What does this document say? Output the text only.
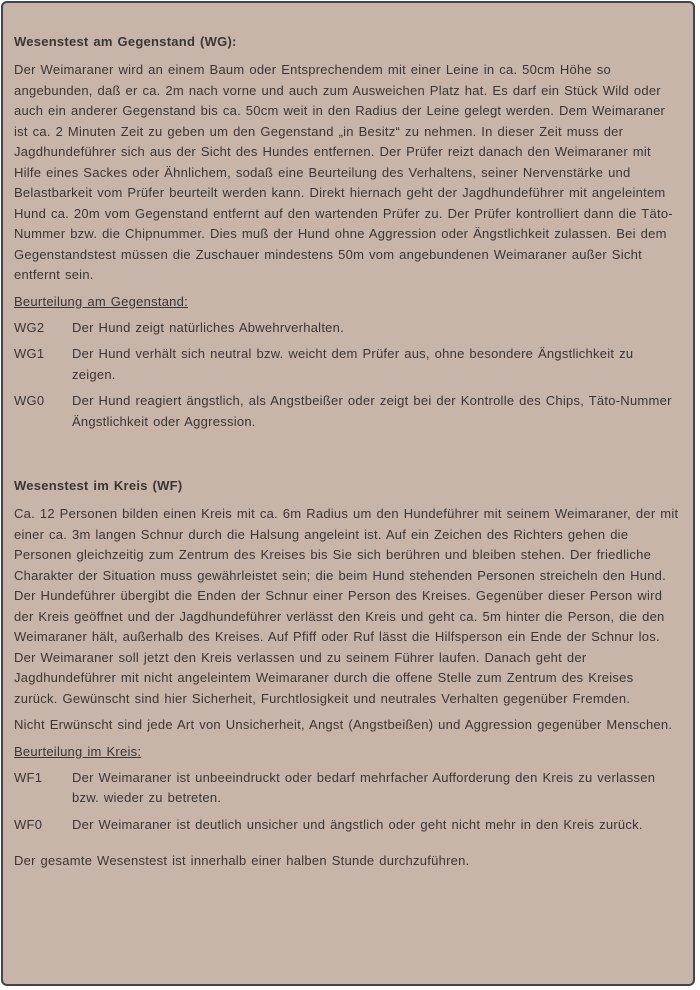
Wesenstest am Gegenstand (WG):
Der Weimaraner wird an einem Baum oder Entsprechendem mit einer Leine in ca. 50cm Höhe so angebunden, daß er ca. 2m nach vorne und auch zum Ausweichen Platz hat. Es darf ein Stück Wild oder auch ein anderer Gegenstand bis ca. 50cm weit in den Radius der Leine gelegt werden. Dem Weimaraner ist ca. 2 Minuten Zeit zu geben um den Gegenstand „in Besitz“ zu nehmen. In dieser Zeit muss der Jagdhundeführer sich aus der Sicht des Hundes entfernen. Der Prüfer reizt danach den Weimaraner mit Hilfe eines Sackes oder Ähnlichem, sodaß eine Beurteilung des Verhaltens, seiner Nervenstärke und Belastbarkeit vom Prüfer beurteilt werden kann. Direkt hiernach geht der Jagdhundeführer mit angeleintem Hund ca. 20m vom Gegenstand entfernt auf den wartenden Prüfer zu. Der Prüfer kontrolliert dann die Täto-Nummer bzw. die Chipnummer. Dies muß der Hund ohne Aggression oder Ängstlichkeit zulassen. Bei dem Gegenstandstest müssen die Zuschauer mindestens 50m vom angebundenen Weimaraner außer Sicht entfernt sein.
Beurteilung am Gegenstand:
WG2	Der Hund zeigt natürliches Abwehrverhalten.
WG1	Der Hund verhält sich neutral bzw. weicht dem Prüfer aus, ohne besondere Ängstlichkeit zu zeigen.
WG0	Der Hund reagiert ängstlich, als Angstbeißer oder zeigt bei der Kontrolle des Chips, Täto-Nummer Ängstlichkeit oder Aggression.
Wesenstest im Kreis (WF)
Ca. 12 Personen bilden einen Kreis mit ca. 6m Radius um den Hundeführer mit seinem Weimaraner, der mit einer ca. 3m langen Schnur durch die Halsung angeleint ist. Auf ein Zeichen des Richters gehen die Personen gleichzeitig zum Zentrum des Kreises bis Sie sich berühren und bleiben stehen. Der friedliche Charakter der Situation muss gewährleistet sein; die beim Hund stehenden Personen streicheln den Hund. Der Hundeführer übergibt die Enden der Schnur einer Person des Kreises. Gegenüber dieser Person wird der Kreis geöffnet und der Jagdhundeführer verlässt den Kreis und geht ca. 5m hinter die Person, die den Weimaraner hält, außerhalb des Kreises. Auf Pfiff oder Ruf lässt die Hilfsperson ein Ende der Schnur los. Der Weimaraner soll jetzt den Kreis verlassen und zu seinem Führer laufen. Danach geht der Jagdhundeführer mit nicht angeleintem Weimaraner durch die offene Stelle zum Zentrum des Kreises zurück. Gewünscht sind hier Sicherheit, Furchtlosigkeit und neutrales Verhalten gegenüber Fremden.
Nicht Erwünscht sind jede Art von Unsicherheit, Angst (Angstbeißen) und Aggression gegenüber Menschen.
Beurteilung im Kreis:
WF1	Der Weimaraner ist unbeeindruckt oder bedarf mehrfacher Aufforderung den Kreis zu verlassen bzw. wieder zu betreten.
WF0	Der Weimaraner ist deutlich unsicher und ängstlich oder geht nicht mehr in den Kreis zurück.
Der gesamte Wesenstest ist innerhalb einer halben Stunde durchzuführen.
